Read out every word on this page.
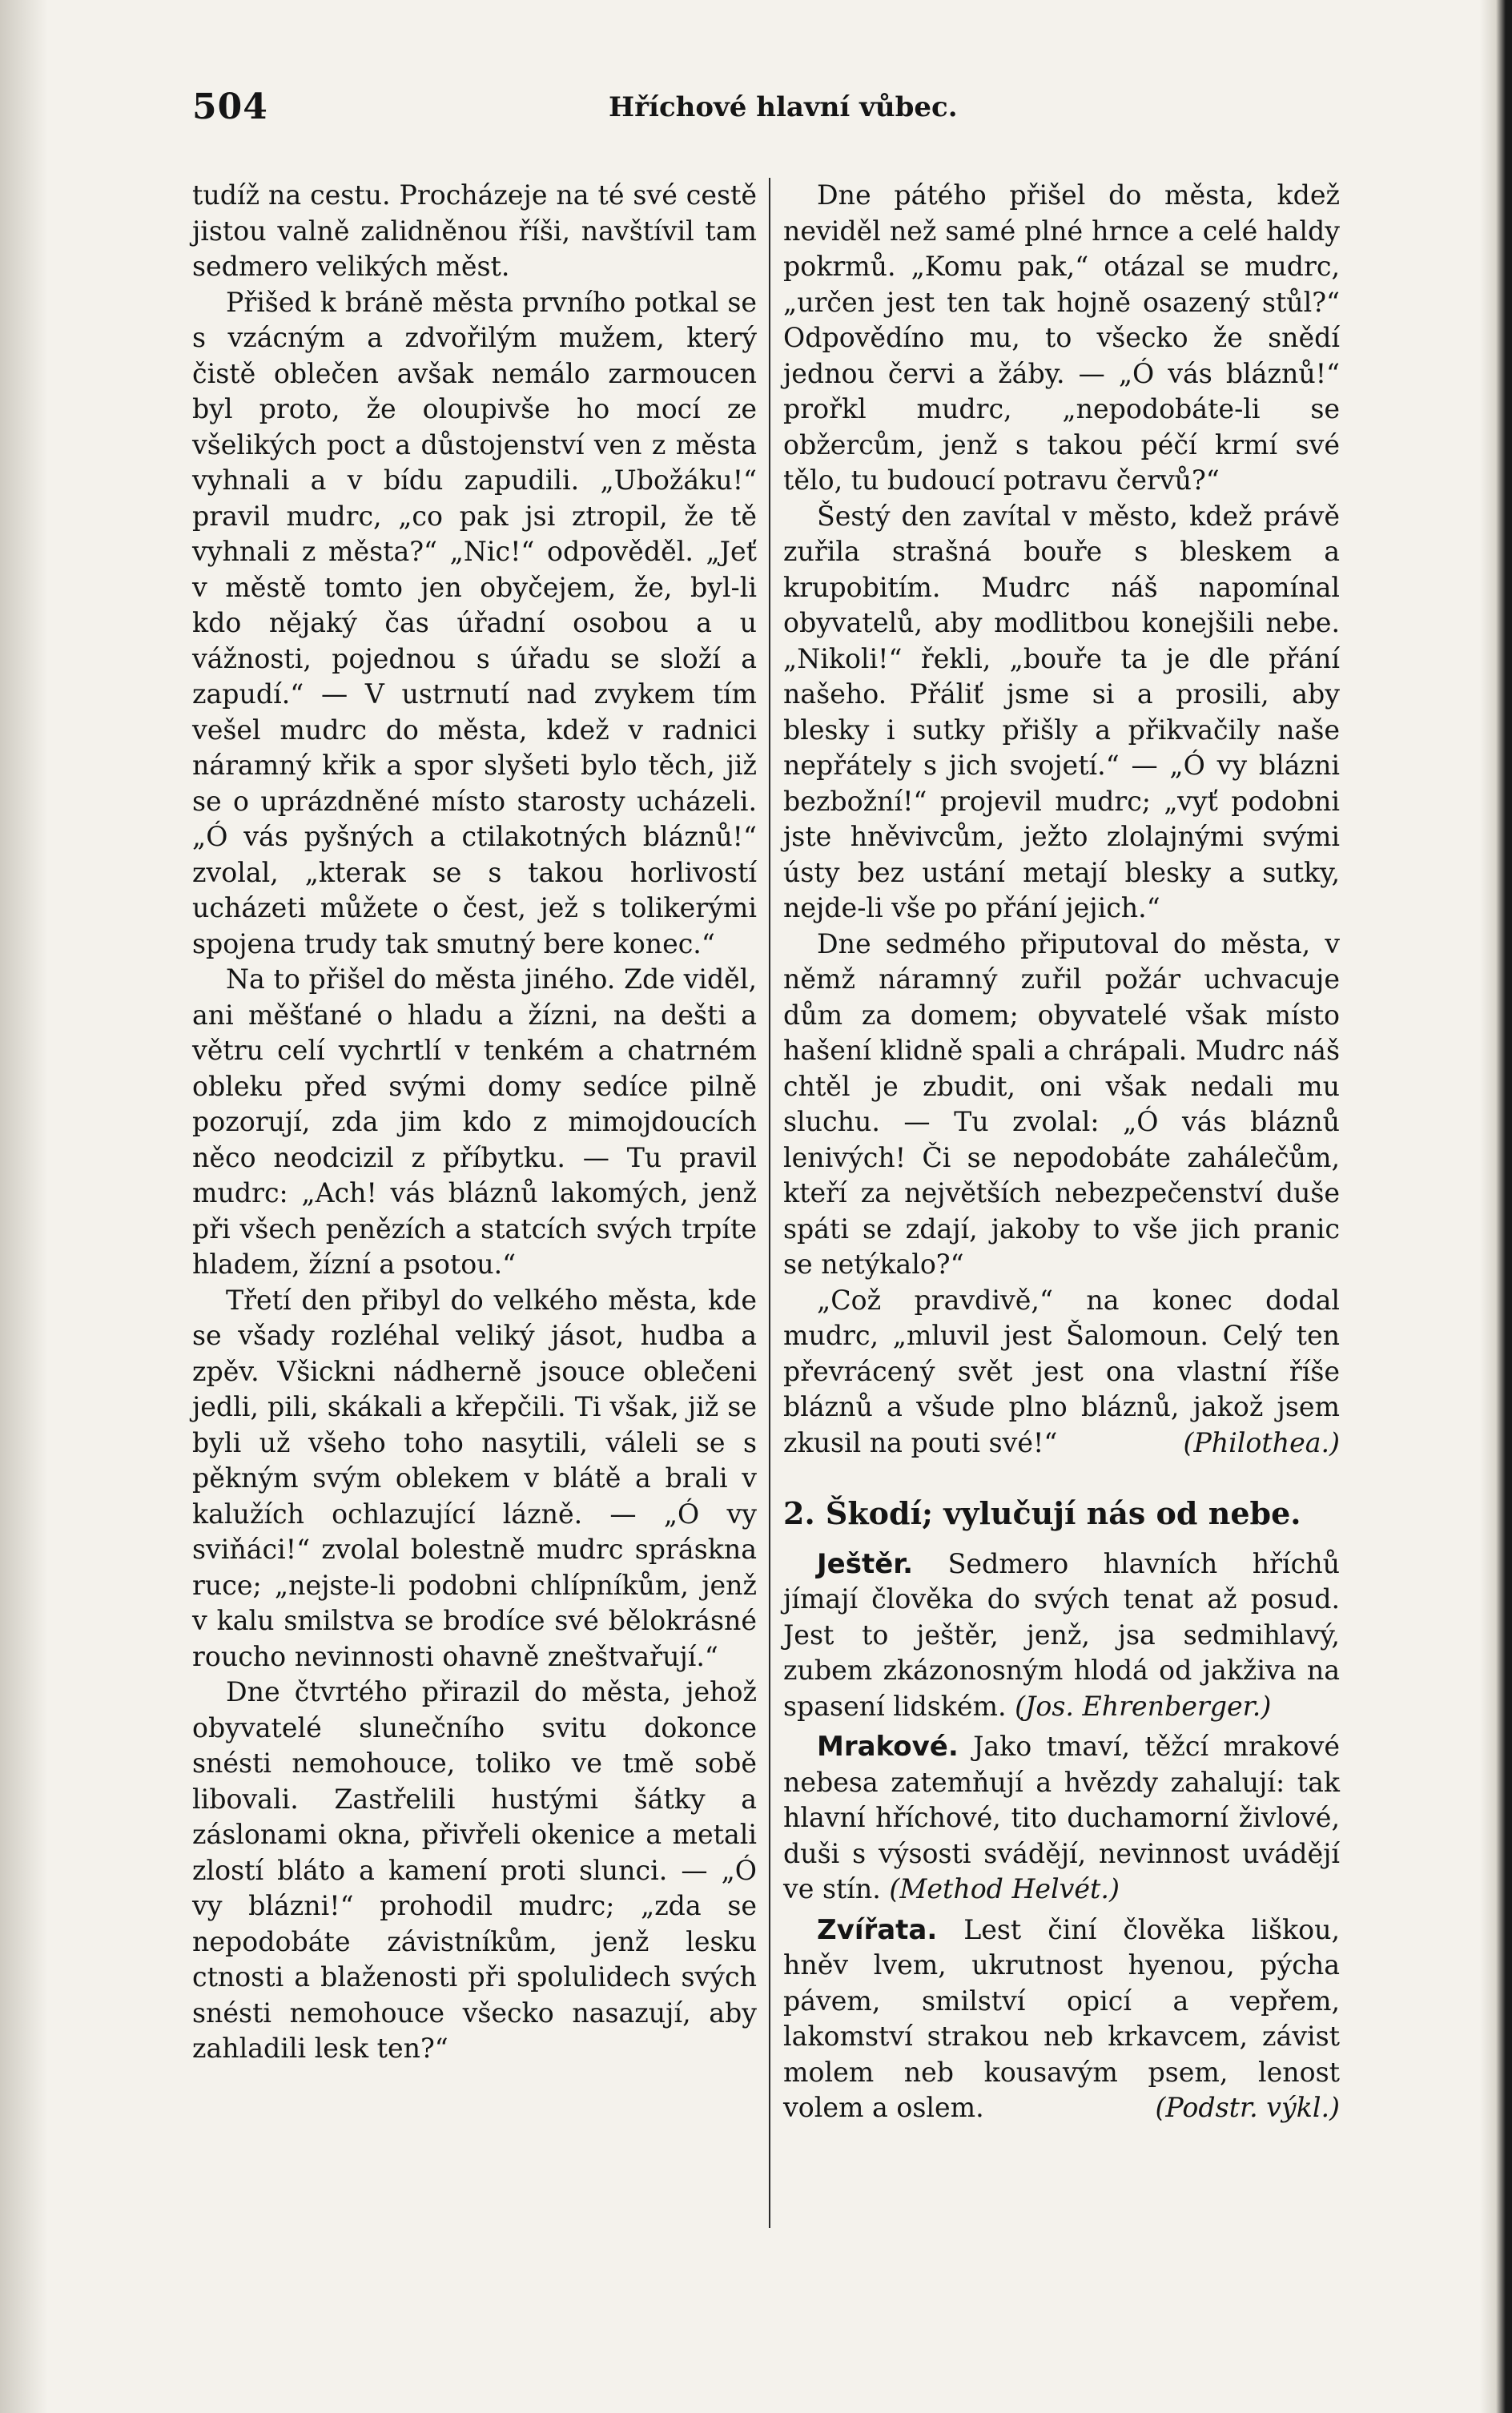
504	Hříchové hlavní vůbec.

tudíž na cestu. Procházeje na té své cestě jistou valně zalidněnou říši, navštívil tam sedmero velikých měst.

Přišed k bráně města prvního potkal se s vzácným a zdvořilým mužem, který čistě oblečen avšak nemálo zarmoucen byl proto, že oloupivše ho mocí ze všelikých poct a důstojenství ven z města vyhnali a v bídu zapudili. „Ubožáku!“ pravil mudrc, „co pak jsi ztropil, že tě vyhnali z města?“ „Nic!“ odpověděl. „Jeť v městě tomto jen obyčejem, že, byl-li kdo nějaký čas úřadní osobou a u vážnosti, pojednou s úřadu se složí a zapudí.“ — V ustrnutí nad zvykem tím vešel mudrc do města, kdež v radnici náramný křik a spor slyšeti bylo těch, již se o uprázdněné místo starosty ucházeli. „Ó vás pyšných a ctilakotných bláznů!“ zvolal, „kterak se s takou horlivostí ucházeti můžete o čest, jež s tolikerými spojena trudy tak smutný bere konec.“

Na to přišel do města jiného. Zde viděl, ani měšťané o hladu a žízni, na dešti a větru celí vychrtlí v tenkém a chatrném obleku před svými domy sedíce pilně pozorují, zda jim kdo z mimojdoucích něco neodcizil z příbytku. — Tu pravil mudrc: „Ach! vás bláznů lakomých, jenž při všech penězích a statcích svých trpíte hladem, žízní a psotou.“

Třetí den přibyl do velkého města, kde se všady rozléhal veliký jásot, hudba a zpěv. Všickni nádherně jsouce oblečeni jedli, pili, skákali a křepčili. Ti však, již se byli už všeho toho nasytili, váleli se s pěkným svým oblekem v blátě a brali v kalužích ochlazující lázně. — „Ó vy sviňáci!“ zvolal bolestně mudrc spráskna ruce; „nejste-li podobni chlípníkům, jenž v kalu smilstva se brodíce své bělokrásné roucho nevinnosti ohavně zneštvařují.“

Dne čtvrtého přirazil do města, jehož obyvatelé slunečního svitu dokonce snésti nemohouce, toliko ve tmě sobě libovali. Zastřelili hustými šátky a záslonami okna, přivřeli okenice a metali zlostí bláto a kamení proti slunci. — „Ó vy blázni!“ prohodil mudrc; „zda se nepodobáte závistníkům, jenž lesku ctnosti a blaženosti při spolulidech svých snésti nemohouce všecko nasazují, aby zahladili lesk ten?“

Dne pátého přišel do města, kdež neviděl než samé plné hrnce a celé haldy pokrmů. „Komu pak,“ otázal se mudrc, „určen jest ten tak hojně osazený stůl?“ Odpovědíno mu, to všecko že snědí jednou červi a žáby. — „Ó vás bláznů!“ prořkl mudrc, „nepodobáte-li se obžercům, jenž s takou péčí krmí své tělo, tu budoucí potravu červů?“

Šestý den zavítal v město, kdež právě zuřila strašná bouře s bleskem a krupobitím. Mudrc náš napomínal obyvatelů, aby modlitbou konejšili nebe. „Nikoli!“ řekli, „bouře ta je dle přání našeho. Přáliť jsme si a prosili, aby blesky i sutky přišly a přikvačily naše nepřátely s jich svojetí.“ — „Ó vy blázni bezbožní!“ projevil mudrc; „vyť podobni jste hněvivcům, ježto zlolajnými svými ústy bez ustání metají blesky a sutky, nejde-li vše po přání jejich.“

Dne sedmého připutoval do města, v němž náramný zuřil požár uchvacuje dům za domem; obyvatelé však místo hašení klidně spali a chrápali. Mudrc náš chtěl je zbudit, oni však nedali mu sluchu. — Tu zvolal: „Ó vás bláznů lenivých! Či se nepodobáte zahálečům, kteří za největších nebezpečenství duše spáti se zdají, jakoby to vše jich pranic se netýkalo?“

„Což pravdivě,“ na konec dodal mudrc, „mluvil jest Šalomoun. Celý ten převrácený svět jest ona vlastní říše bláznů a všude plno bláznů, jakož jsem zkusil na pouti své!“	(Philothea.)

2. Škodí; vylučují nás od nebe.

Ještěr. Sedmero hlavních hříchů jímají člověka do svých tenat až posud. Jest to ještěr, jenž, jsa sedmihlavý, zubem zkázonosným hlodá od jakživa na spasení lidském. (Jos. Ehrenberger.)

Mrakové. Jako tmaví, těžcí mrakové nebesa zatemňují a hvězdy zahalují: tak hlavní hříchové, tito duchamorní živlové, duši s výsosti svádějí, nevinnost uvádějí ve stín. (Method Helvét.)

Zvířata. Lest činí člověka liškou, hněv lvem, ukrutnost hyenou, pýcha pávem, smilství opicí a vepřem, lakomství strakou neb krkavcem, závist molem neb kousavým psem, lenost volem a oslem.	(Podstr. výkl.)
